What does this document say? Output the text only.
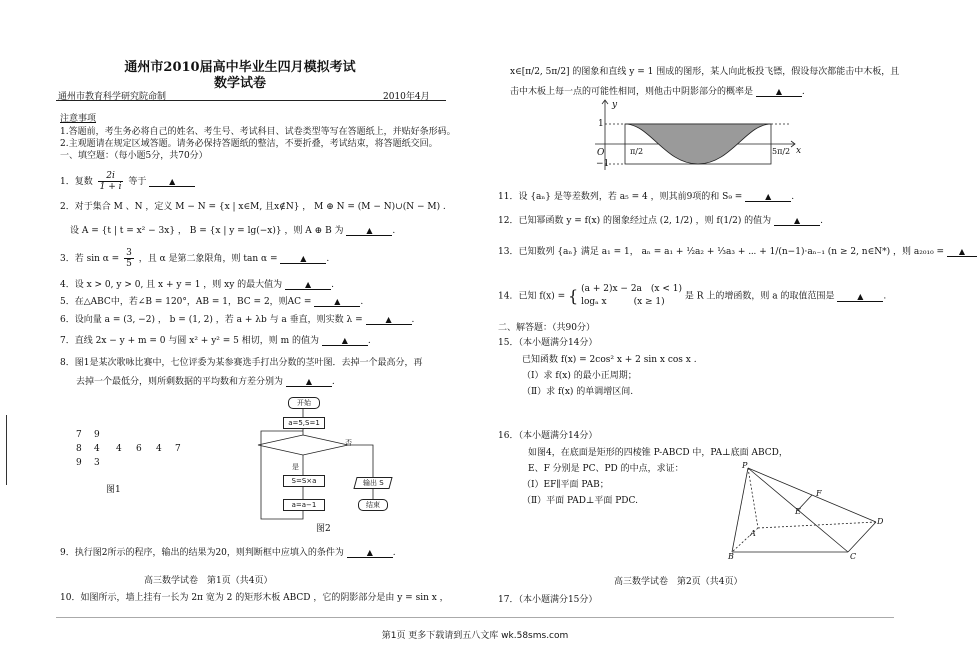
通州市2010届高中毕业生四月模拟考试
数学试卷
通州市教育科学研究院命制	2010年4月
注意事项
1.答题前，考生务必将自己的姓名、考生号、考试科目、试卷类型等写在答题纸上，并贴好条形码。
2.主观题请在规定区域答题。请务必保持答题纸的整洁，不要折叠，考试结束，将答题纸交回。
一、填空题：（每小题5分，共70分）
1．复数 $\frac{2i}{1 + i}$ 等于	▲
2．对于集合 M 、N ，定义 M − N = {x | x∈M, 且x∉N} ， M ⊕ N = (M − N)∪(N − M) .
设 A = {t | t = x² − 3x} ， B = {x | y = lg(−x)} ，则 A ⊕ B 为	▲ .
3．若 $\sin \alpha = \frac{3}{5}$ ，且 α 是第二象限角，则 tan α =	▲ .
4．设 x > 0, y > 0, 且 x + y = 1 ，则 xy 的最大值为	▲ .
5．在△ABC中，若∠B = 120°，AB = 1，BC = 2，则AC =	▲ .
6．设向量 a = (3, −2) ， b = (1, 2) ，若 a + λb 与 a 垂直，则实数 λ =	▲ .
7．直线 2x − y + m = 0 与圆 x² + y² = 5 相切，则 m 的值为	▲ .
8．图1是某次歌咏比赛中，七位评委为某参赛选手打出分数的茎叶图．去掉一个最高分，再
去掉一个最低分，则所剩数据的平均数和方差分别为	▲ .
7 9
8 4 4 6 4 7
9 3
图1
开始
a=5,S=1
否
是
S=S×a
a=a−1
输出 S
结束
图2
9．执行图2所示的程序，输出的结果为20，则判断框中应填入的条件为	▲ .
高三数学试卷　第1页（共4页）
10．如图所示，墙上挂有一长为 2π 宽为 2 的矩形木板 ABCD ，它的阴影部分是由 y = sin x ，
x∈[π/2, 5π/2] 的图象和直线 y = 1 围成的图形，某人向此板投飞镖，假设每次都能击中木板，且
击中木板上每一点的可能性相同，则他击中阴影部分的概率是	▲ .
y
x
O
1
−1
π/2	5π/2
11．设 {aₙ} 是等差数列，若 a₅ = 4 ，则其前9项的和 S₉ =	▲ .
12．已知幂函数 y = f(x) 的图象经过点 (2, 1/2) ，则 f(1/2) 的值为	▲ .
13．已知数列 {aₙ} 满足 a₁ = 1， aₙ = a₁ + ½a₂ + ⅓a₃ + ⋯ + 1/(n−1)·aₙ₋₁ (n ≥ 2, n∈N*) ，则 a₂₀₁₀ = ▲
14．已知 f(x) = { (a + 2)x − 2a　(x < 1)
logₐ x　　　(x ≥ 1)
是 R 上的增函数，则 a 的取值范围是	▲ .
二、解答题：（共90分）
15．（本小题满分14分）
已知函数 f(x) = 2cos² x + 2 sin x cos x .
（Ⅰ）求 f(x) 的最小正周期；
（Ⅱ）求 f(x) 的单调增区间.
16．（本小题满分14分）
如图4，在底面是矩形的四棱锥 P-ABCD 中，PA⊥底面 ABCD，
E、F 分别是 PC、PD 的中点，求证：
（Ⅰ）EF∥平面 PAB；
（Ⅱ）平面 PAD⊥平面 PDC.
P
A
B	C
D
E
F
高三数学试卷　第2页（共4页）
17．（本小题满分15分）
第1页 更多下载请到五八文库 wk.58sms.com
